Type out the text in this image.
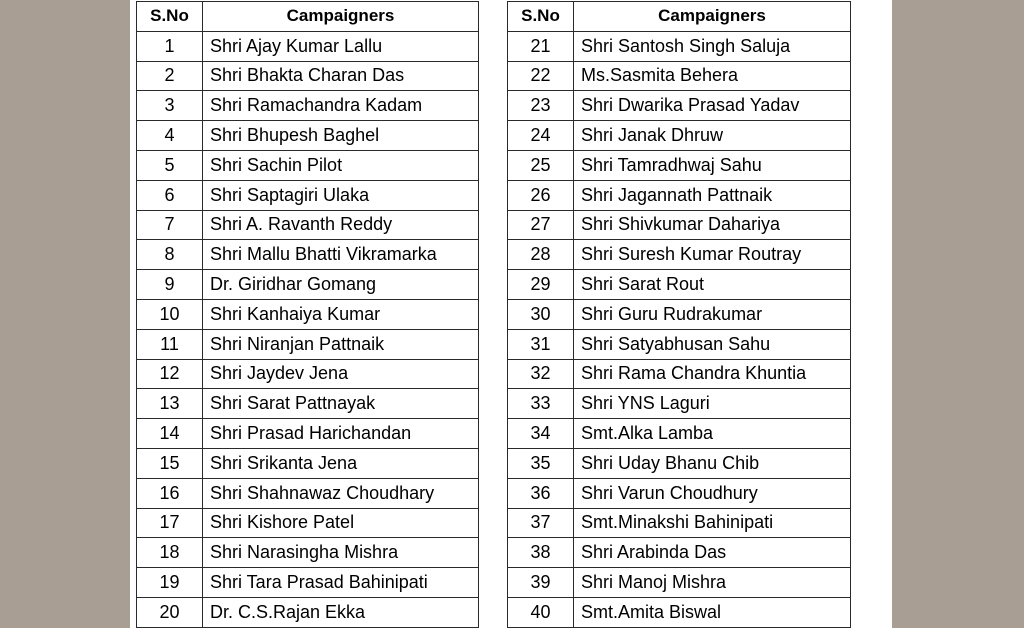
S.No	Campaigners
1	Shri Ajay Kumar Lallu
2	Shri Bhakta Charan Das
3	Shri Ramachandra Kadam
4	Shri Bhupesh Baghel
5	Shri Sachin Pilot
6	Shri Saptagiri Ulaka
7	Shri A. Ravanth Reddy
8	Shri Mallu Bhatti Vikramarka
9	Dr. Giridhar Gomang
10	Shri Kanhaiya Kumar
11	Shri Niranjan Pattnaik
12	Shri Jaydev Jena
13	Shri Sarat Pattnayak
14	Shri Prasad Harichandan
15	Shri Srikanta Jena
16	Shri Shahnawaz Choudhary
17	Shri Kishore Patel
18	Shri Narasingha Mishra
19	Shri Tara Prasad Bahinipati
20	Dr. C.S.Rajan Ekka
S.No	Campaigners
21	Shri Santosh Singh Saluja
22	Ms.Sasmita Behera
23	Shri Dwarika Prasad Yadav
24	Shri Janak Dhruw
25	Shri Tamradhwaj Sahu
26	Shri Jagannath Pattnaik
27	Shri Shivkumar Dahariya
28	Shri Suresh Kumar Routray
29	Shri Sarat Rout
30	Shri Guru Rudrakumar
31	Shri Satyabhusan Sahu
32	Shri Rama Chandra Khuntia
33	Shri YNS Laguri
34	Smt.Alka Lamba
35	Shri Uday Bhanu Chib
36	Shri Varun Choudhury
37	Smt.Minakshi Bahinipati
38	Shri Arabinda Das
39	Shri Manoj Mishra
40	Smt.Amita Biswal
